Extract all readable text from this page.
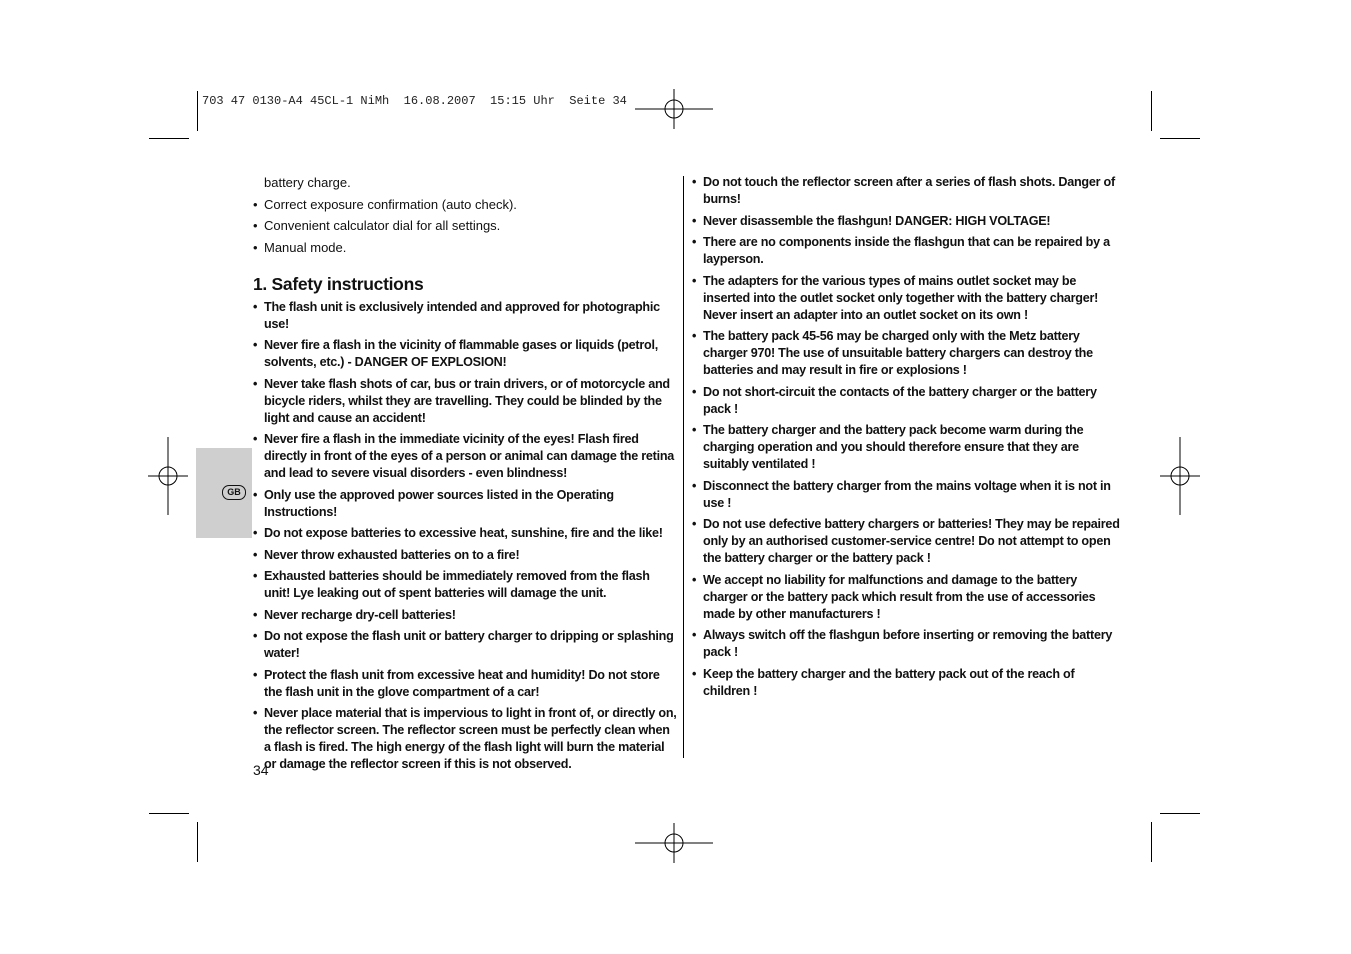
703 47 0130-A4 45CL-1 NiMh  16.08.2007  15:15 Uhr  Seite 34
GB
battery charge.
• Correct exposure confirmation (auto check).
• Convenient calculator dial for all settings.
• Manual mode.
1. Safety instructions
• The flash unit is exclusively intended and approved for photographic use!
• Never fire a flash in the vicinity of flammable gases or liquids (petrol, solvents, etc.) - DANGER OF EXPLOSION!
• Never take flash shots of car, bus or train drivers, or of motorcycle and bicycle riders, whilst they are travelling. They could be blinded by the light and cause an accident!
• Never fire a flash in the immediate vicinity of the eyes! Flash fired directly in front of the eyes of a person or animal can damage the retina and lead to severe visual disorders - even blindness!
• Only use the approved power sources listed in the Operating Instructions!
• Do not expose batteries to excessive heat, sunshine, fire and the like!
• Never throw exhausted batteries on to a fire!
• Exhausted batteries should be immediately removed from the flash unit! Lye leaking out of spent batteries will damage the unit.
• Never recharge dry-cell batteries!
• Do not expose the flash unit or battery charger to dripping or splashing water!
• Protect the flash unit from excessive heat and humidity! Do not store the flash unit in the glove compartment of a car!
• Never place material that is impervious to light in front of, or directly on, the reflector screen. The reflector screen must be perfectly clean when a flash is fired. The high energy of the flash light will burn the material or damage the reflector screen if this is not observed.
• Do not touch the reflector screen after a series of flash shots. Danger of burns!
• Never disassemble the flashgun! DANGER: HIGH VOLTAGE!
• There are no components inside the flashgun that can be repaired by a layperson.
• The adapters for the various types of mains outlet socket may be inserted into the outlet socket only together with the battery charger! Never insert an adapter into an outlet socket on its own !
• The battery pack 45-56 may be charged only with the Metz battery charger 970! The use of unsuitable battery chargers can destroy the batteries and may result in fire or explosions !
• Do not short-circuit the contacts of the battery charger or the battery pack !
• The battery charger and the battery pack become warm during the charging operation and you should therefore ensure that they are suitably ventilated !
• Disconnect the battery charger from the mains voltage when it is not in use !
• Do not use defective battery chargers or batteries! They may be repaired only by an authorised customer-service centre! Do not attempt to open the battery charger or the battery pack !
• We accept no liability for malfunctions and damage to the battery charger or the battery pack which result from the use of accessories made by other manufacturers !
• Always switch off the flashgun before inserting or removing the battery pack !
• Keep the battery charger and the battery pack out of the reach of children !
34
